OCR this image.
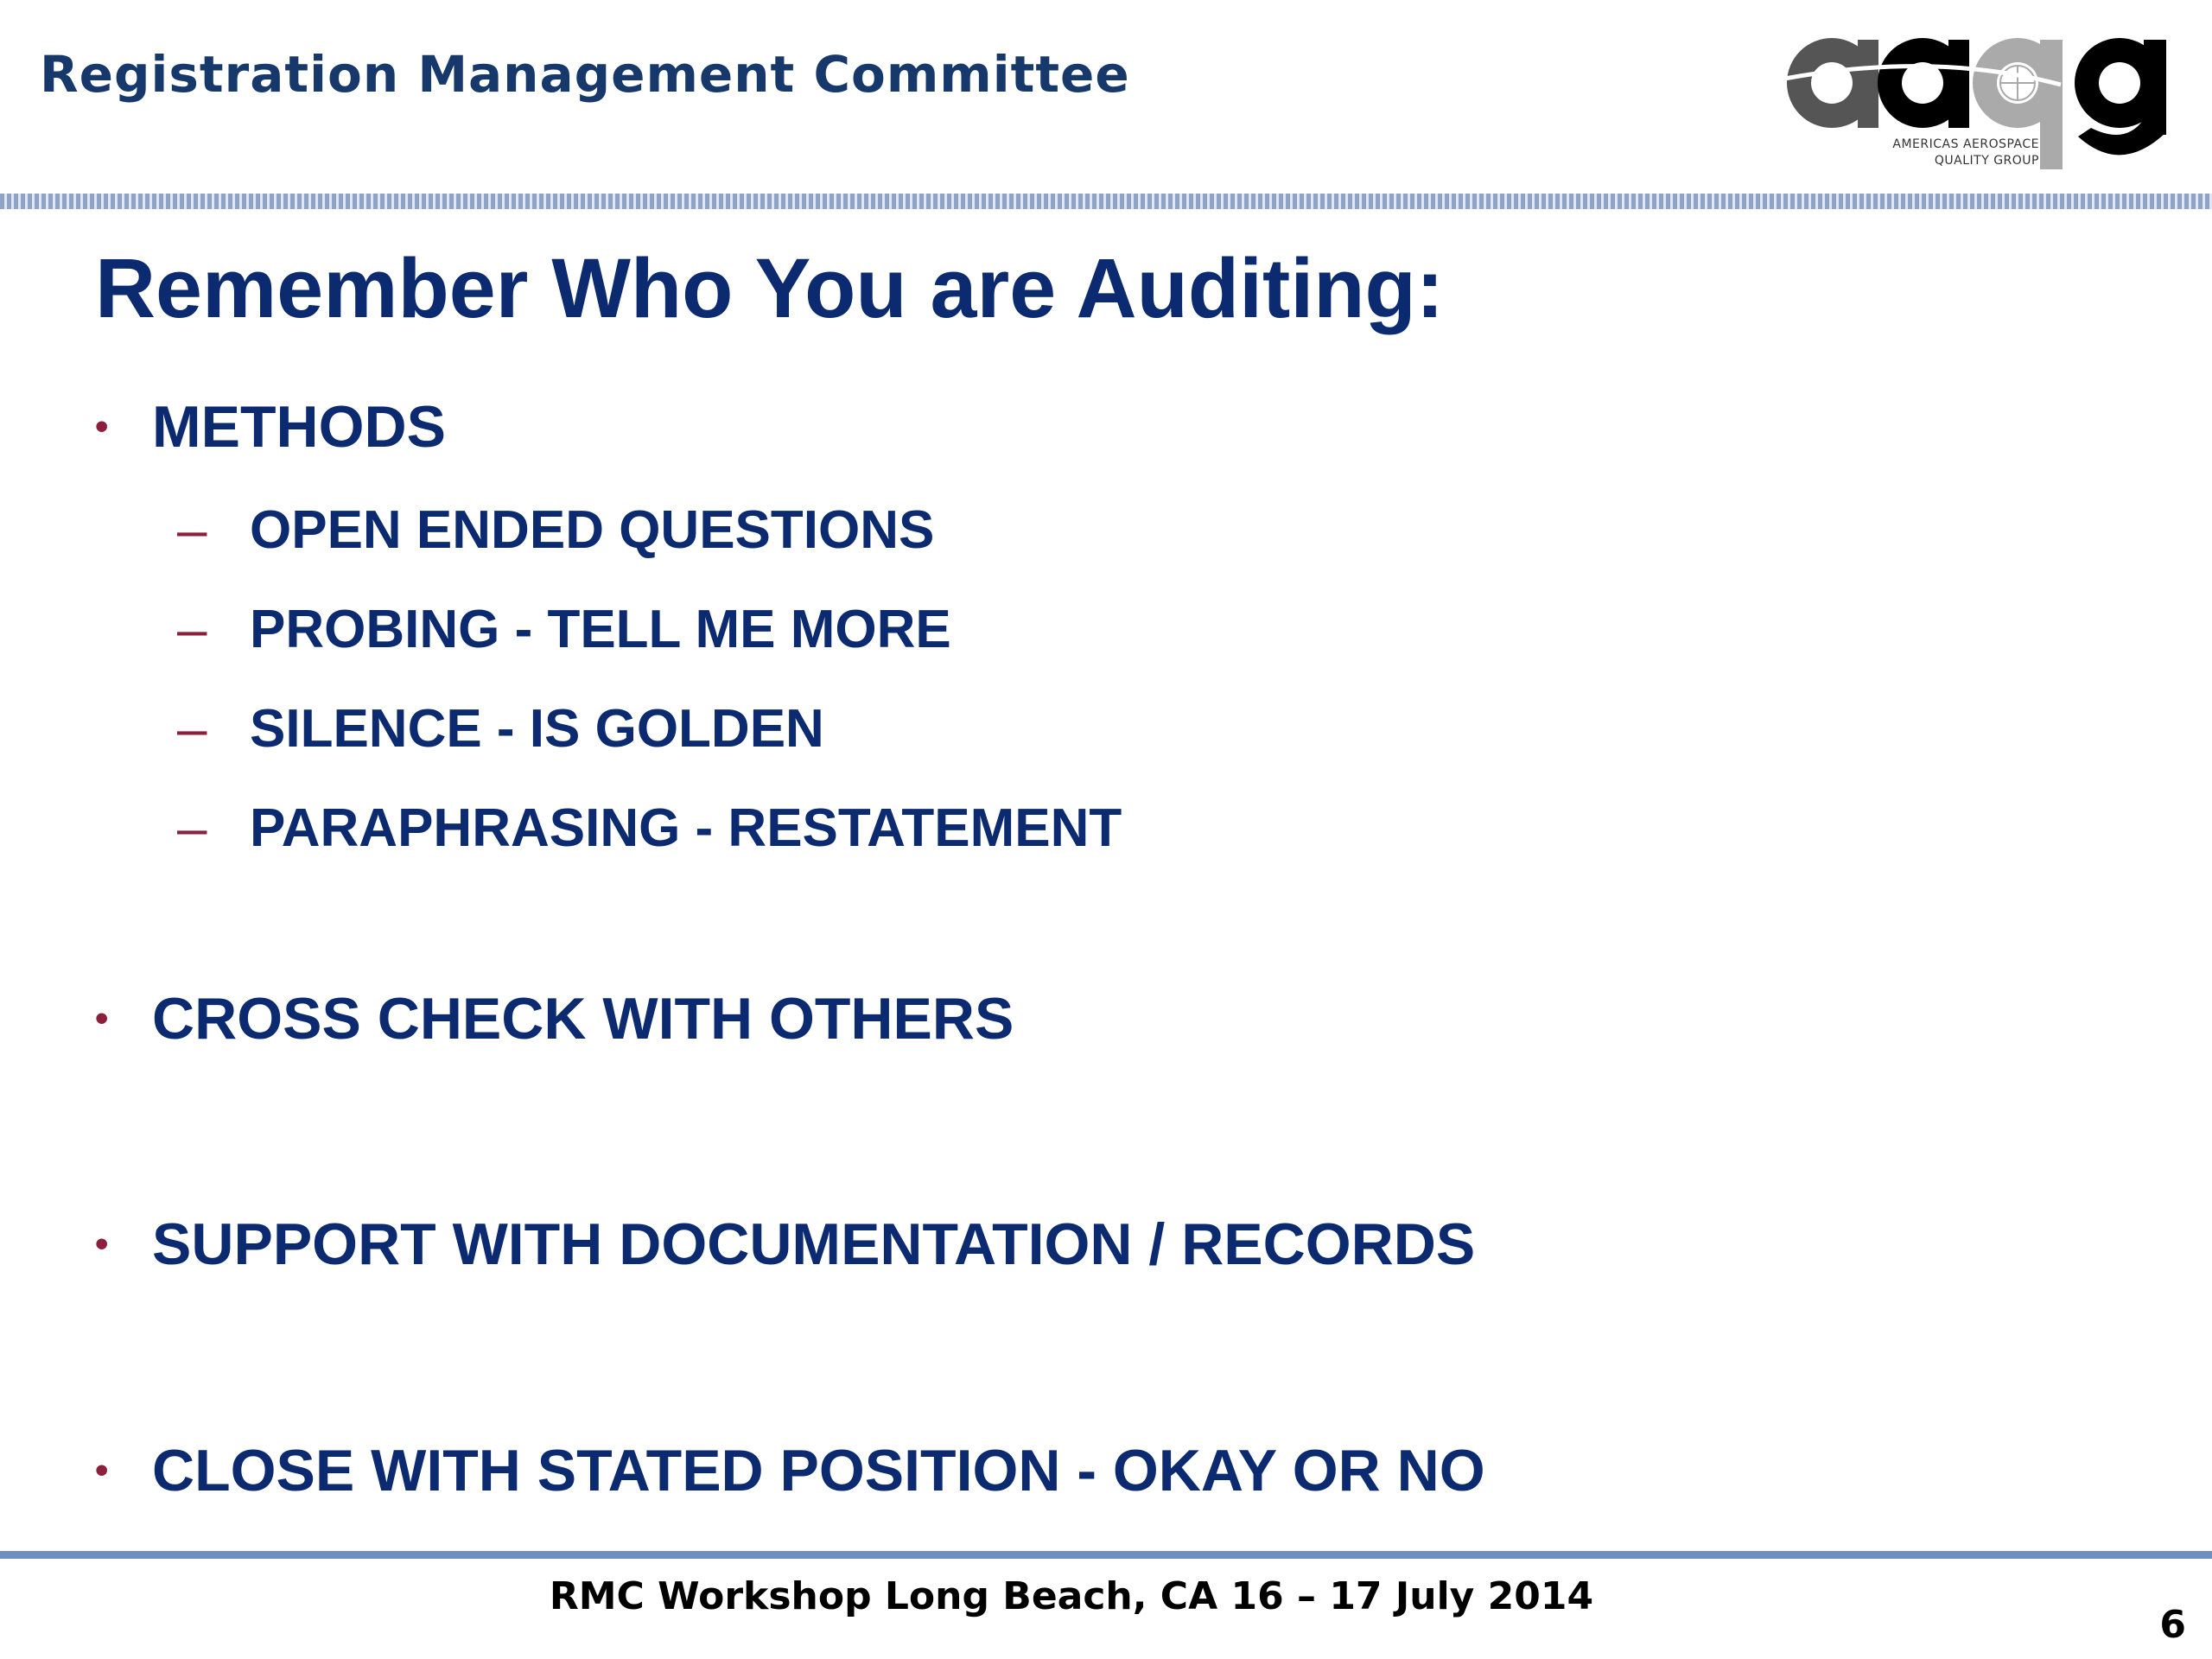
Registration Management Committee
AMERICAS AEROSPACE
QUALITY GROUP
Remember Who You are Auditing:
• METHODS
– OPEN ENDED QUESTIONS
– PROBING - TELL ME MORE
– SILENCE - IS GOLDEN
– PARAPHRASING - RESTATEMENT
• CROSS CHECK WITH OTHERS
• SUPPORT WITH DOCUMENTATION / RECORDS
• CLOSE WITH STATED POSITION - OKAY OR NO
RMC Workshop Long Beach, CA 16 – 17 July 2014
6
